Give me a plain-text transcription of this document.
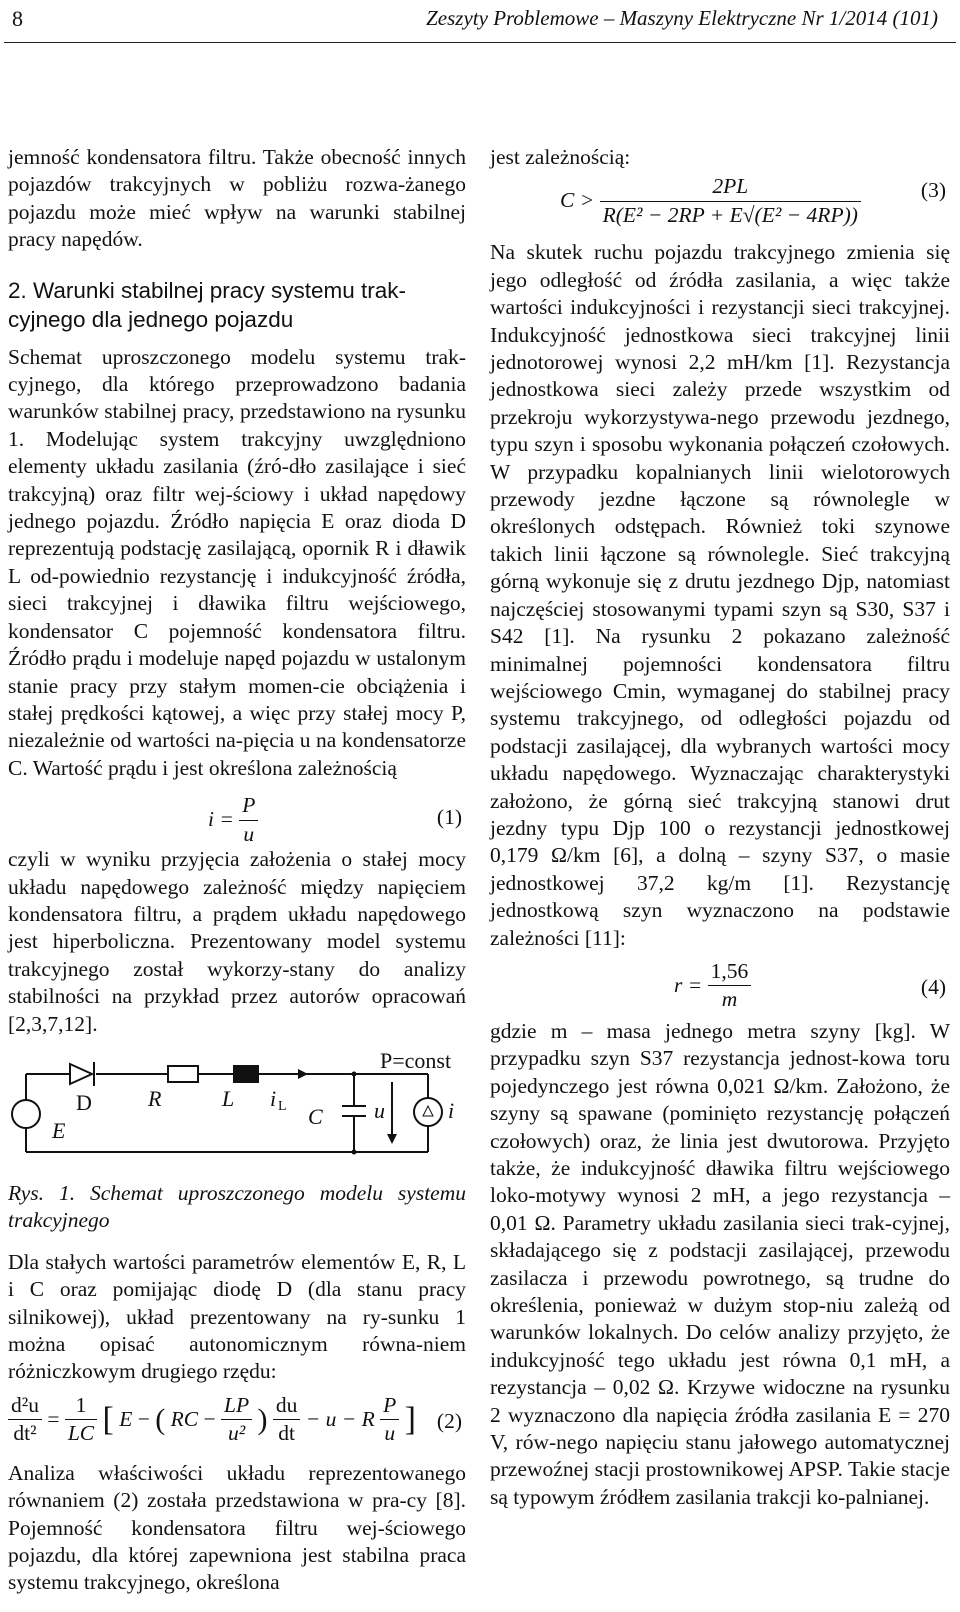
8	Zeszyty Problemowe – Maszyny Elektryczne Nr 1/2014 (101)

jemność kondensatora filtru. Także obecność innych pojazdów trakcyjnych w pobliżu rozwa-żanego pojazdu może mieć wpływ na warunki stabilnej pracy napędów.

2. Warunki stabilnej pracy systemu trak-cyjnego dla jednego pojazdu

Schemat uproszczonego modelu systemu trak-cyjnego, dla którego przeprowadzono badania warunków stabilnej pracy, przedstawiono na rysunku 1. Modelując system trakcyjny uwzględniono elementy układu zasilania (źró-dło zasilające i sieć trakcyjną) oraz filtr wej-ściowy i układ napędowy jednego pojazdu. Źródło napięcia E oraz dioda D reprezentują podstację zasilającą, opornik R i dławik L od-powiednio rezystancję i indukcyjność źródła, sieci trakcyjnej i dławika filtru wejściowego, kondensator C pojemność kondensatora filtru. Źródło prądu i modeluje napęd pojazdu w ustalonym stanie pracy przy stałym momen-cie obciążenia i stałej prędkości kątowej, a więc przy stałej mocy P, niezależnie od wartości na-pięcia u na kondensatorze C. Wartość prądu i jest określona zależnością

$i = \frac{P}{u}$	(1)

czyli w wyniku przyjęcia założenia o stałej mocy układu napędowego zależność między napięciem kondensatora filtru, a prądem układu napędowego jest hiperboliczna. Prezentowany model systemu trakcyjnego został wykorzy-stany do analizy stabilności na przykład przez autorów opracowań [2,3,7,12].

P=const
D	R	L i L C u	i
E

Rys. 1. Schemat uproszczonego modelu systemu trakcyjnego

Dla stałych wartości parametrów elementów E, R, L i C oraz pomijając diodę D (dla stanu pracy silnikowej), układ prezentowany na ry-sunku 1 można opisać autonomicznym równa-niem różniczkowym drugiego rzędu:

$\frac{\text{d²u}}{\text{dt²}} = \frac{1}{LC}$ [ E − ( RC − $\frac{LP}{\text{u²}}$ ) $\frac{du}{dt} - u - R \frac{P}{u}$ ] (2)

Analiza właściwości układu reprezentowanego równaniem (2) została przedstawiona w pra-cy [8]. Pojemność kondensatora filtru wej-ściowego pojazdu, dla której zapewniona jest stabilna praca systemu trakcyjnego, określona

jest zależnością:

$C > \frac{2PL}{\text{R(E² − 2RP + E√(E² − 4RP))}}$	(3)

Na skutek ruchu pojazdu trakcyjnego zmienia się jego odległość od źródła zasilania, a więc także wartości indukcyjności i rezystancji sieci trakcyjnej. Indukcyjność jednostkowa sieci trakcyjnej linii jednotorowej wynosi 2,2 mH/km [1]. Rezystancja jednostkowa sieci zależy przede wszystkim od przekroju wykorzystywa-nego przewodu jezdnego, typu szyn i sposobu wykonania połączeń czołowych. W przypadku kopalnianych linii wielotorowych przewody jezdne łączone są równolegle w określonych odstępach. Również toki szynowe takich linii łączone są równolegle. Sieć trakcyjną górną wykonuje się z drutu jezdnego Djp, natomiast najczęściej stosowanymi typami szyn są S30, S37 i S42 [1]. Na rysunku 2 pokazano zależność minimalnej pojemności kondensatora filtru wejściowego Cmin, wymaganej do stabilnej pracy systemu trakcyjnego, od odległości pojazdu od podstacji zasilającej, dla wybranych wartości mocy układu napędowego. Wyznaczając charakterystyki założono, że górną sieć trakcyjną stanowi drut jezdny typu Djp 100 o rezystancji jednostkowej 0,179 Ω/km [6], a dolną – szyny S37, o masie jednostkowej 37,2 kg/m [1]. Rezystancję jednostkową szyn wyznaczono na podstawie zależności [11]:

$r = \frac{1,56}{m}$	(4)

gdzie m – masa jednego metra szyny [kg]. W przypadku szyn S37 rezystancja jednost-kowa toru pojedynczego jest równa 0,021 Ω/km. Założono, że szyny są spawane (pominięto rezystancję połączeń czołowych) oraz, że linia jest dwutorowa. Przyjęto także, że indukcyjność dławika filtru wejściowego loko-motywy wynosi 2 mH, a jego rezystancja – 0,01 Ω. Parametry układu zasilania sieci trak-cyjnej, składającego się z podstacji zasilającej, przewodu zasilacza i przewodu powrotnego, są trudne do określenia, ponieważ w dużym stop-niu zależą od warunków lokalnych. Do celów analizy przyjęto, że indukcyjność tego układu jest równa 0,1 mH, a rezystancja – 0,02 Ω. Krzywe widoczne na rysunku 2 wyznaczono dla napięcia źródła zasilania E = 270 V, rów-nego napięciu stanu jałowego automatycznej przewoźnej stacji prostownikowej APSP. Takie stacje są typowym źródłem zasilania trakcji ko-palnianej.
